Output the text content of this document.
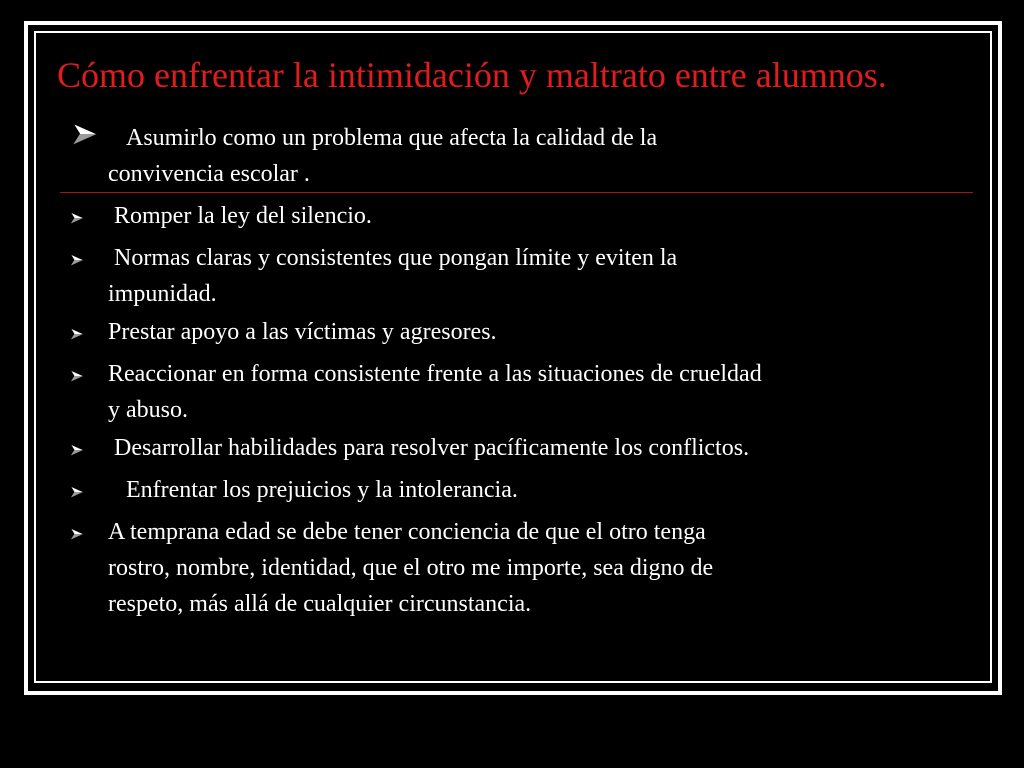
Cómo enfrentar la intimidación y maltrato entre alumnos.
Asumirlo como un problema que afecta la calidad de la
convivencia escolar .
Romper la ley del silencio.
Normas claras y consistentes que pongan límite y eviten la
impunidad.
Prestar apoyo a las víctimas y agresores.
Reaccionar en forma consistente frente a las situaciones de crueldad
y abuso.
Desarrollar habilidades para resolver pacíficamente los conflictos.
Enfrentar los prejuicios y la intolerancia.
A temprana edad se debe tener conciencia de que el otro tenga
rostro, nombre, identidad, que el otro me importe, sea digno de
respeto, más allá de cualquier circunstancia.
